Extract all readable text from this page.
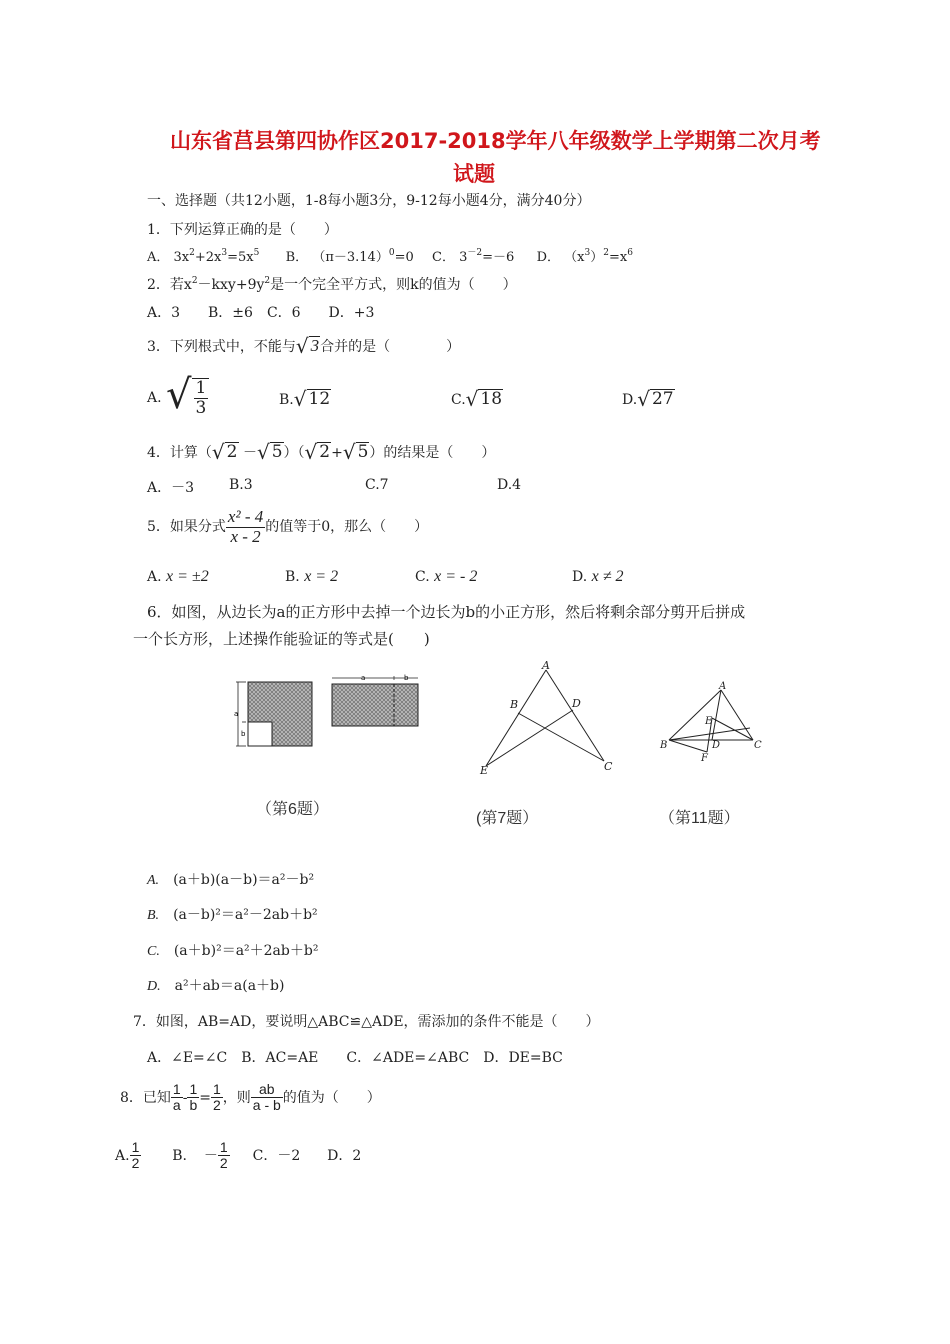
山东省莒县第四协作区2017-2018学年八年级数学上学期第二次月考
试题
一、选择题（共12小题，1-8每小题3分，9-12每小题4分，满分40分）
1．下列运算正确的是（　　）
A． $3x^2+2x^3=5x^5$ B． $(\pi-3.14)^0=0$ C． $3^{-2}=-6$ D． $(x^3)^2=x^6$
2．若$x^2-kxy+9y^2$是一个完全平方式，则k的值为（　　）
A．3　　B．±6　C．6　　D．+3
3．下列根式中，不能与√ 3合并的是（　　　　）
A. √ $\frac{1}{3}$	B.√ 12	C.√ 18	D.√ 27
4．计算（√ 2 －√ 5）（√ 2+√ 5）的结果是（　　）
A．－3 B.3	C.7	D.4
5．如果分式 $\frac{\text{x² - 4}}{x - 2}$ 的值等于0，那么（　　）
A. x = ±2	B. x = 2	C. x = - 2	D. x ≠ 2
6．如图，从边长为a的正方形中去掉一个边长为b的小正方形，然后将剩余部分剪开后拼成
一个长方形，上述操作能验证的等式是(　　)
a
b
a	b
A
B	D
E	C
A
E
B	D	C
F
（第6题）
(第7题）	（第11题）
A.　 (a＋b)(a－b)＝a²－b²
B.　 (a－b)²＝a²－2ab＋b²
C.　 (a＋b)²＝a²＋2ab＋b²
D.　 a²＋ab＝a(a＋b)
7．如图，AB=AD，要说明△ABC≌△ADE，需添加的条件不能是（　　）
A．∠E=∠C　B．AC=AE　　C．∠ADE=∠ABC　D．DE=BC
8．已知 $\frac{1}{a} - \frac{1}{b} = \frac{1}{2}$ ，则 $\frac{ab}{a - b}$ 的值为（　　）
A. $\frac{1}{2} B$. － $\frac{1}{2}$ C．－2 D．2
